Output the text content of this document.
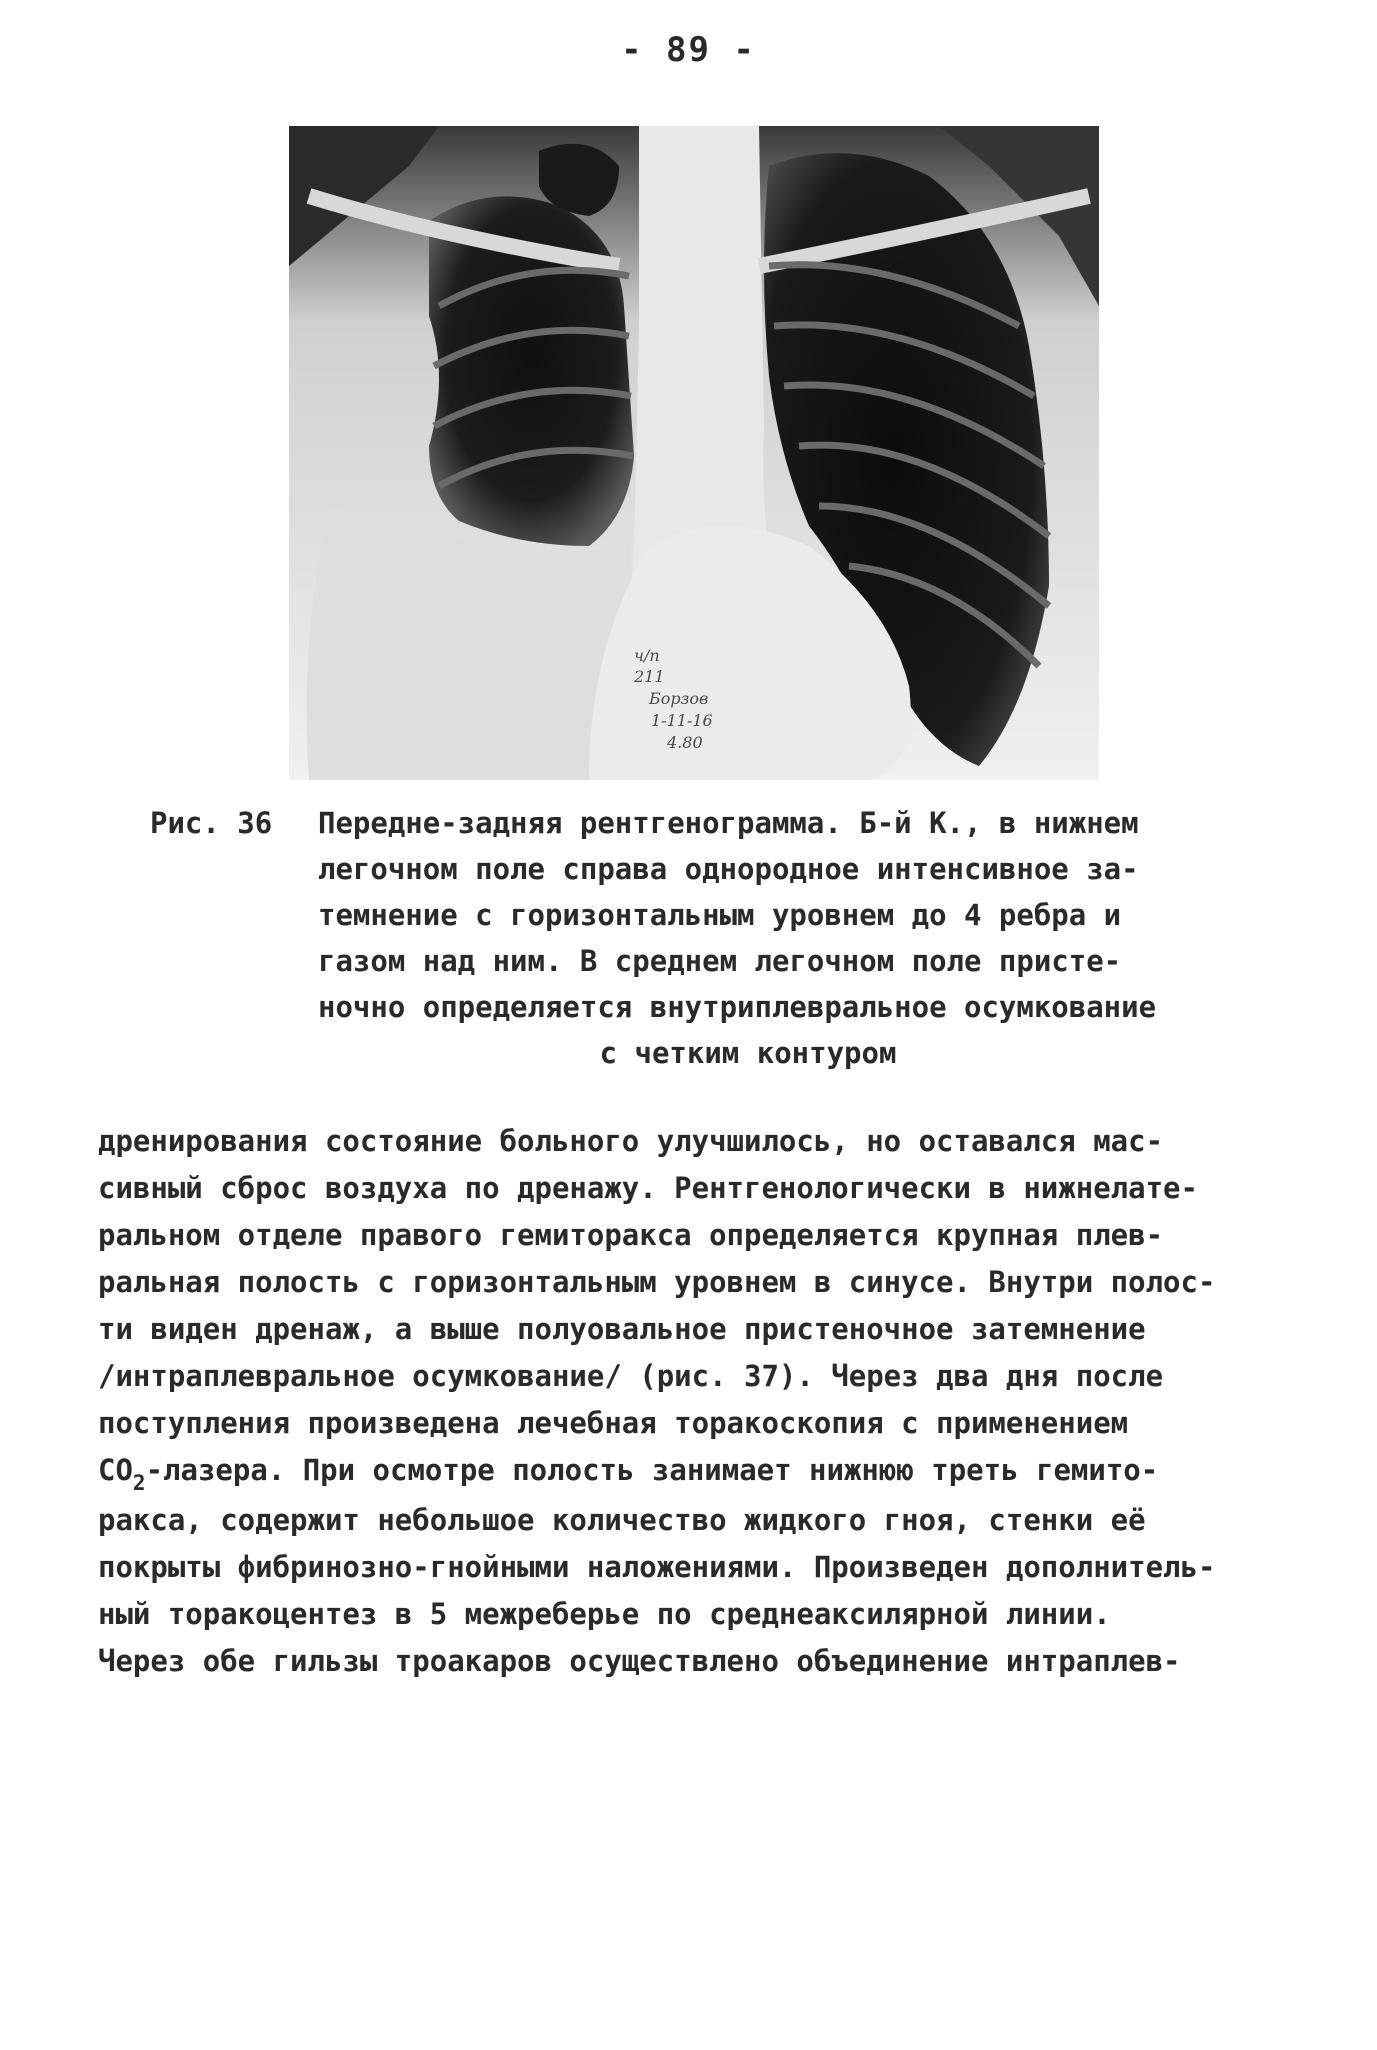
- 89 -
ч/п
211
Борзов
1-11-16
4.80
Рис. 36 Передне-задняя рентгенограмма. Б-й К., в нижнем
легочном поле справа однородное интенсивное за-
темнение с горизонтальным уровнем до 4 ребра и
газом над ним. В среднем легочном поле присте-
ночно определяется внутриплевральное осумкование
с четким контуром
дренирования состояние больного улучшилось, но оставался мас-
сивный сброс воздуха по дренажу. Рентгенологически в нижнелате-
ральном отделе правого гемиторакса определяется крупная плев-
ральная полость с горизонтальным уровнем в синусе. Внутри полос-
ти виден дренаж, а выше полуовальное пристеночное затемнение
/интраплевральное осумкование/ (рис. 37). Через два дня после
поступления произведена лечебная торакоскопия с применением
$СО_2$-лазера. При осмотре полость занимает нижнюю треть гемито-
ракса, содержит небольшое количество жидкого гноя, стенки её
покрыты фибринозно-гнойными наложениями. Произведен дополнитель-
ный торакоцентез в 5 межреберье по среднеаксилярной линии.
Через обе гильзы троакаров осуществлено объединение интраплев-
